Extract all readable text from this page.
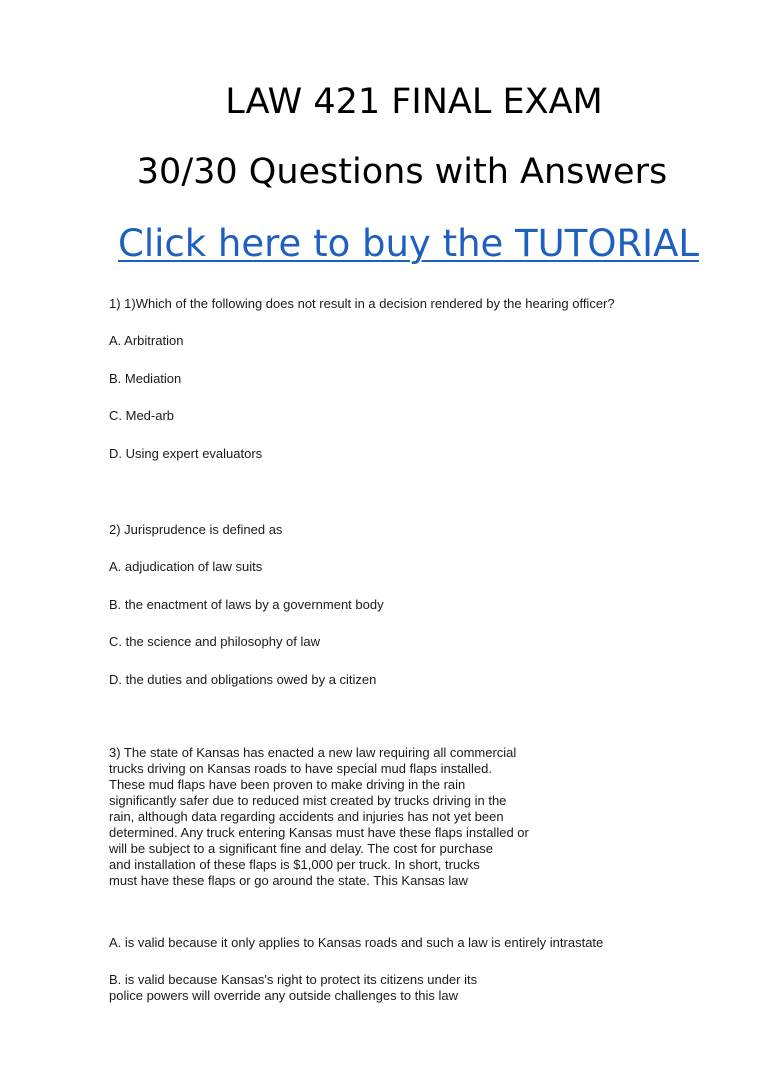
LAW 421 FINAL EXAM
30/30 Questions with Answers
Click here to buy the TUTORIAL
1) 1)Which of the following does not result in a decision rendered by the hearing officer?
A. Arbitration
B. Mediation
C. Med-arb
D. Using expert evaluators
2) Jurisprudence is defined as
A. adjudication of law suits
B. the enactment of laws by a government body
C. the science and philosophy of law
D. the duties and obligations owed by a citizen
3) The state of Kansas has enacted a new law requiring all commercial
trucks driving on Kansas roads to have special mud flaps installed.
These mud flaps have been proven to make driving in the rain
significantly safer due to reduced mist created by trucks driving in the
rain, although data regarding accidents and injuries has not yet been
determined. Any truck entering Kansas must have these flaps installed or
will be subject to a significant fine and delay. The cost for purchase
and installation of these flaps is $1,000 per truck. In short, trucks
must have these flaps or go around the state. This Kansas law
A. is valid because it only applies to Kansas roads and such a law is entirely intrastate
B. is valid because Kansas's right to protect its citizens under its
police powers will override any outside challenges to this law
